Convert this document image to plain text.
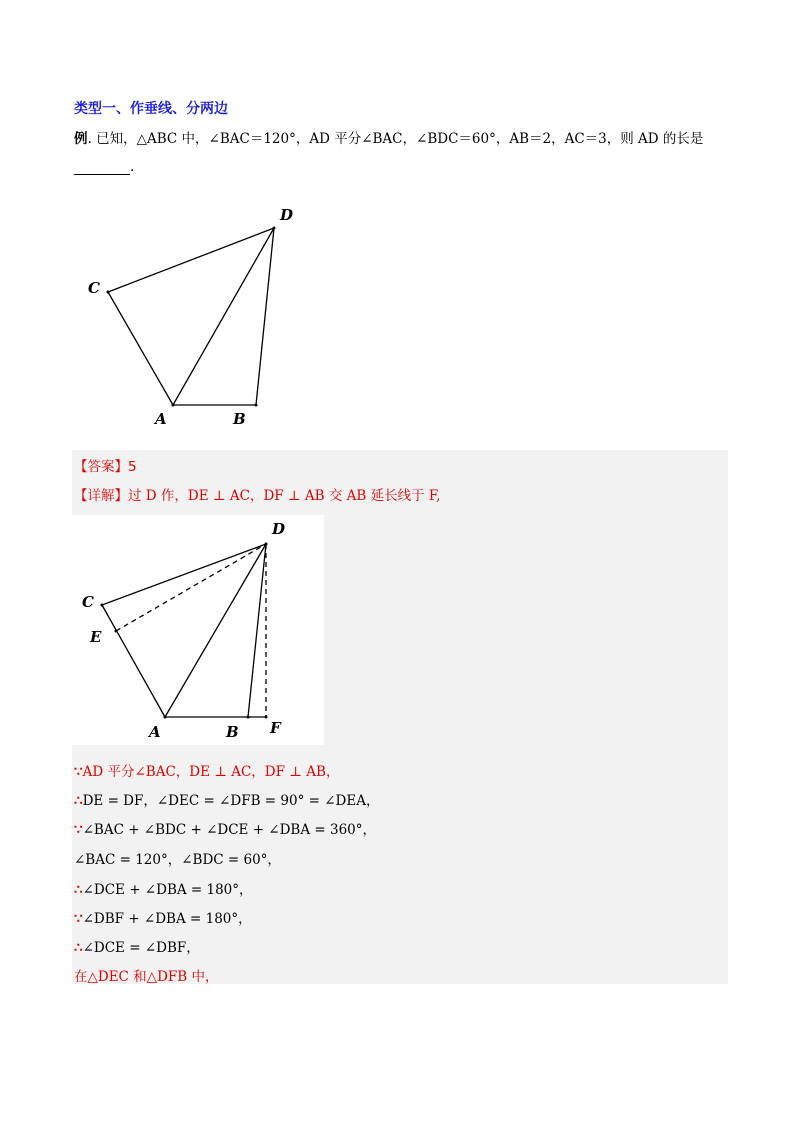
类型一、作垂线、分两边
例. 已知，△ABC 中，∠BAC＝120°，AD 平分∠BAC，∠BDC＝60°，AB＝2，AC＝3，则 AD 的长是
.
D
C
A	B
【答案】5
【详解】过 D 作，DE ⊥ AC，DF ⊥ AB 交 AB 延长线于 F,
D
C
E
A	B F
∵AD 平分∠BAC，DE ⊥ AC，DF ⊥ AB，
∴DE = DF，∠DEC = ∠DFB = 90° = ∠DEA，
∵∠BAC + ∠BDC + ∠DCE + ∠DBA = 360°，
∠BAC = 120°，∠BDC = 60°，
∴∠DCE + ∠DBA = 180°，
∵∠DBF + ∠DBA = 180°，
∴∠DCE = ∠DBF，
在△DEC 和△DFB 中，
